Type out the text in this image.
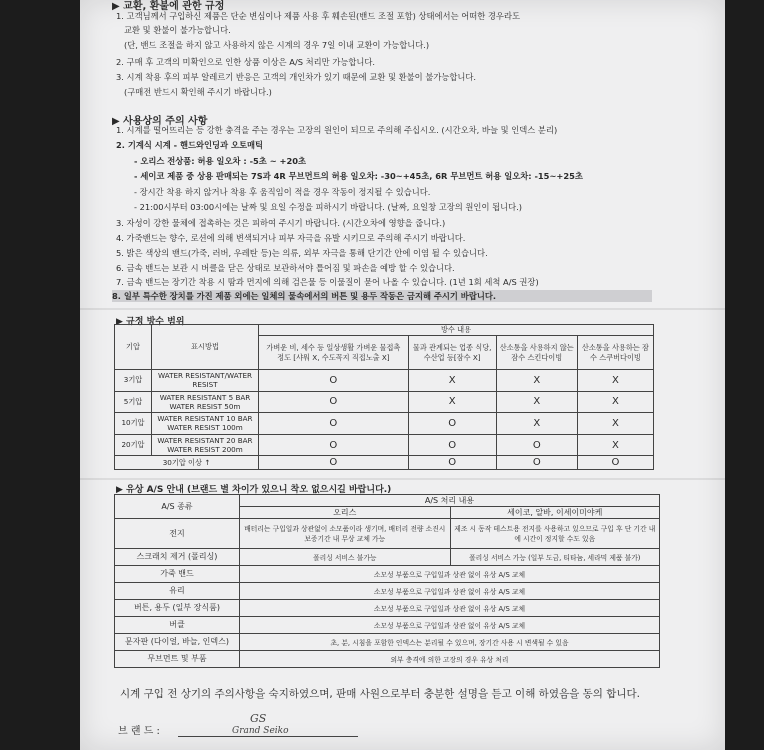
▶ 교환, 환불에 관한 규정
1. 고객님께서 구입하신 제품은 단순 변심이나 제품 사용 후 훼손된(밴드 조절 포함) 상태에서는 어떠한 경우라도
교환 및 환불이 불가능합니다.
(단, 밴드 조절을 하지 않고 사용하지 않은 시계의 경우 7일 이내 교환이 가능합니다.)
2. 구매 후 고객의 미확인으로 인한 상품 이상은 A/S 처리만 가능합니다.
3. 시계 착용 후의 피부 알레르기 반응은 고객의 개인차가 있기 때문에 교환 및 환불이 불가능합니다.
(구매전 반드시 확인해 주시기 바랍니다.)
▶ 사용상의 주의 사항
1. 시계를 떨어뜨리는 등 강한 충격을 주는 경우는 고장의 원인이 되므로 주의해 주십시오. (시간오차, 바늘 및 인덱스 분리)
2. 기계식 시계 - 핸드와인딩과 오토매틱
- 오리스 전상품: 허용 일오차 : -5초 ~ +20초
- 세이코 제품 중 상용 판매되는 7S과 4R 무브먼트의 허용 일오차: -30~+45초, 6R 무브먼트 허용 일오차: -15~+25초
- 장시간 착용 하지 않거나 착용 후 움직임이 적을 경우 작동이 정지될 수 있습니다.
- 21:00시부터 03:00시에는 날짜 및 요일 수정을 피하시기 바랍니다. (날짜, 요일창 고장의 원인이 됩니다.)
3. 자성이 강한 물체에 접촉하는 것은 피하여 주시기 바랍니다. (시간오차에 영향을 줍니다.)
4. 가죽밴드는 향수, 로션에 의해 변색되거나 피부 자극을 유발 시키므로 주의해 주시기 바랍니다.
5. 밝은 색상의 밴드(가죽, 러버, 우레탄 등)는 의류, 외부 자극을 통해 단기간 안에 이염 될 수 있습니다.
6. 금속 밴드는 보관 시 버클을 닫은 상태로 보관하셔야 틀어짐 및 파손을 예방 할 수 있습니다.
7. 금속 밴드는 장기간 착용 시 땀과 먼지에 의해 검은물 등 이물질이 묻어 나올 수 있습니다. (1년 1회 세척 A/S 권장)
8. 일부 특수한 장치를 가진 제품 외에는 일체의 물속에서의 버튼 및 용두 작동은 금지해 주시기 바랍니다.
▶ 규정 방수 범위
기압	표시방법	방수 내용			
		가벼운 비, 세수 등 일상생활 가벼운 물접촉 정도 [샤워 X, 수도꼭지 직접노출 X]	물과 관계되는 업종 식당, 수산업 등[잠수 X]	산소통을 사용하지 않는 잠수 스킨다이빙	산소통을 사용하는 잠수 스쿠버다이빙
3기압	WATER RESISTANT/WATER RESIST	O	X	X	X
5기압	WATER RESISTANT 5 BAR WATER RESIST 50m	O	X	X	X
10기압	WATER RESISTANT 10 BAR WATER RESIST 100m	O	O	X	X
20기압	WATER RESISTANT 20 BAR WATER RESIST 200m	O	O	O	X
30기압 이상 ↑		O	O	O	O
▶ 유상 A/S 안내 (브랜드 별 차이가 있으니 착오 없으시길 바랍니다.)
A/S 종류	A/S 처리 내용	
	오리스	세이코, 알바, 이세이미야케
전지	배터리는 구입일과 상관없이 소모품이라 생기며, 배터리 전량 소진시 보증기간 내 무상 교체 가능	제조 시 동작 테스트용 전지를 사용하고 있으므로 구입 후 단 기간 내에 시간이 정지할 수도 있음
스크래치 제거 (폴리싱)	폴리싱 서비스 불가능	폴리싱 서비스 가능 (일부 도금, 티타늄, 세라믹 제품 불가)
가죽 밴드	소모성 부품으로 구입일과 상관 없이 유상 A/S 교체	
유리	소모성 부품으로 구입일과 상관 없이 유상 A/S 교체	
버튼, 용두 (일부 장식품)	소모성 부품으로 구입일과 상관 없이 유상 A/S 교체	
버클	소모성 부품으로 구입일과 상관 없이 유상 A/S 교체	
문자판 (다이얼, 바늘, 인덱스)	초, 분, 시침을 포함한 인덱스는 분리될 수 있으며, 장기간 사용 시 변색될 수 있음	
무브먼트 및 부품	외부 충격에 의한 고장의 경우 유상 처리	
시계 구입 전 상기의 주의사항을 숙지하였으며, 판매 사원으로부터 충분한 설명을 듣고 이해 하였음을 동의 합니다.
브 랜 드 :
GS
Grand Seiko
